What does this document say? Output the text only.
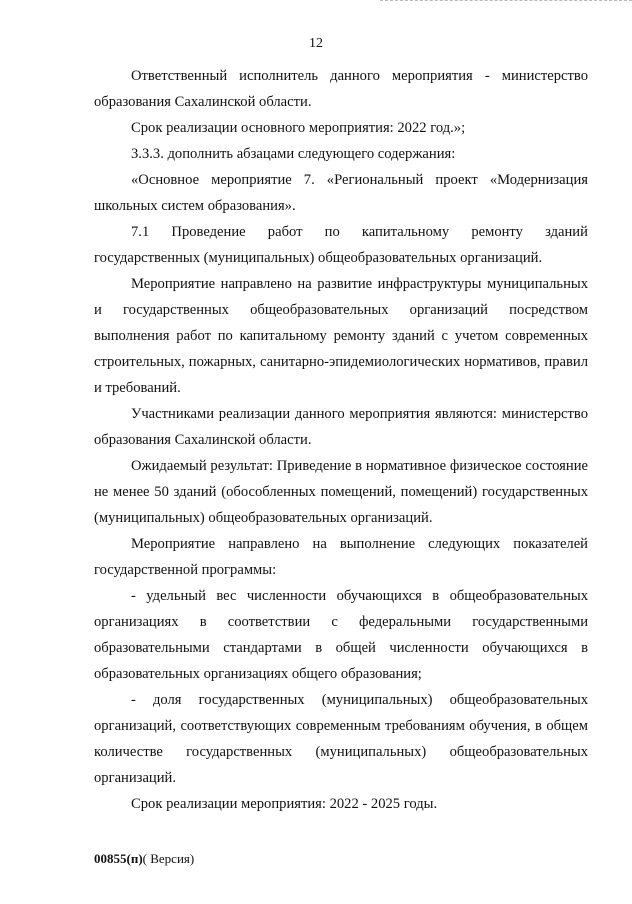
12

Ответственный исполнитель данного мероприятия - министерство образования Сахалинской области.

Срок реализации основного мероприятия: 2022 год.»;

3.3.3. дополнить абзацами следующего содержания:

«Основное мероприятие 7. «Региональный проект «Модернизация школьных систем образования».

7.1 Проведение работ по капитальному ремонту зданий

государственных (муниципальных) общеобразовательных организаций.

Мероприятие направлено на развитие инфраструктуры муниципальных и государственных общеобразовательных организаций посредством выполнения работ по капитальному ремонту зданий с учетом современных строительных, пожарных, санитарно-эпидемиологических нормативов, правил и требований.

Участниками реализации данного мероприятия являются: министерство образования Сахалинской области.

Ожидаемый результат: Приведение в нормативное физическое состояние не менее 50 зданий (обособленных помещений, помещений) государственных (муниципальных) общеобразовательных организаций.

Мероприятие направлено на выполнение следующих показателей государственной программы:

- удельный вес численности обучающихся в общеобразовательных организациях в соответствии с федеральными государственными образовательными стандартами в общей численности обучающихся в образовательных организациях общего образования;

- доля государственных (муниципальных) общеобразовательных организаций, соответствующих современным требованиям обучения, в общем количестве государственных (муниципальных) общеобразовательных организаций.

Срок реализации мероприятия: 2022 - 2025 годы.

00855(п)( Версия)
